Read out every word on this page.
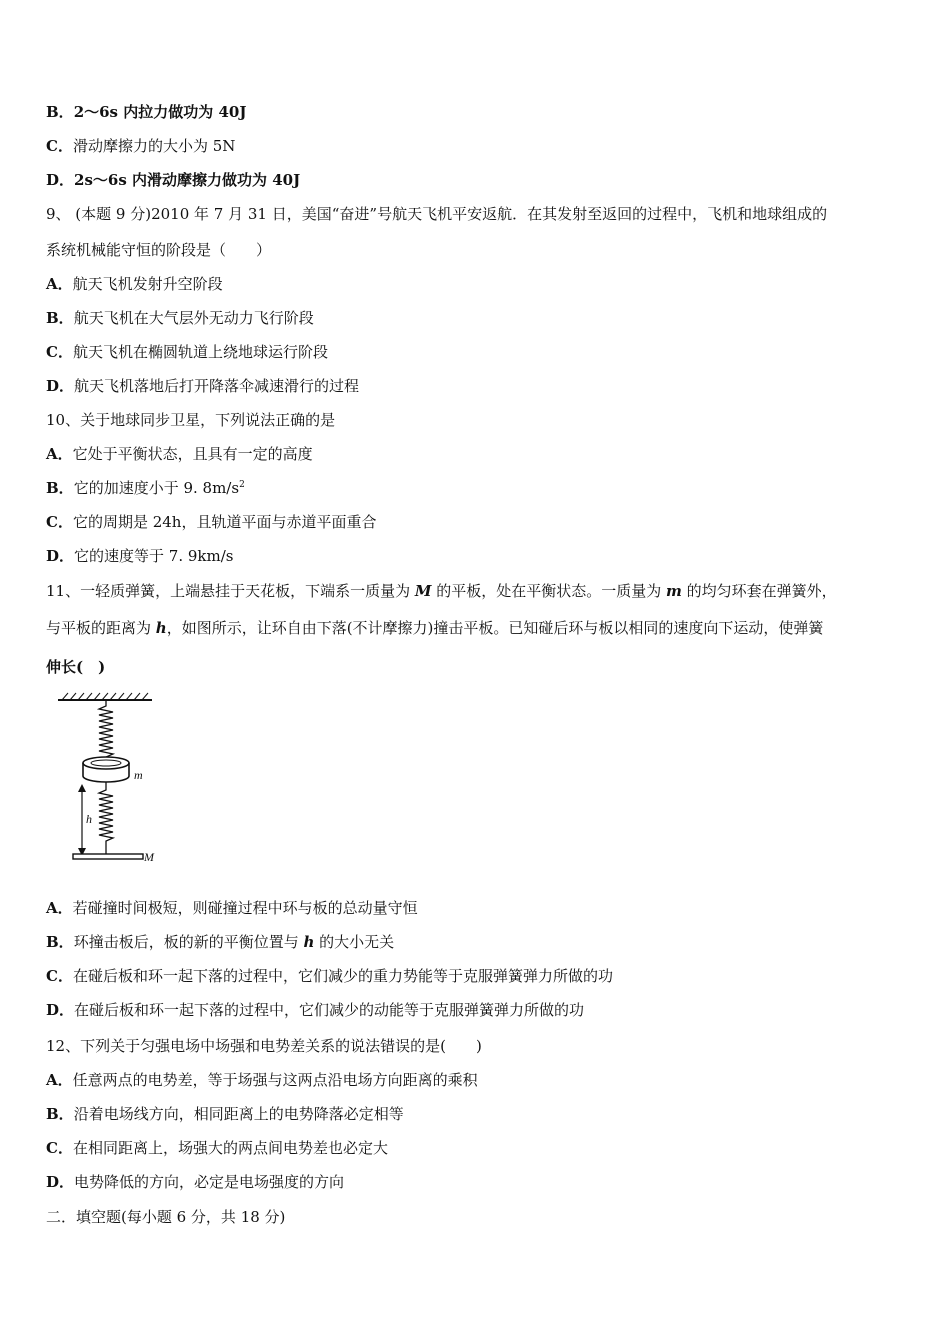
B．2～6s 内拉力做功为 40J
C．滑动摩擦力的大小为 5N
D．2s～6s 内滑动摩擦力做功为 40J
9、 (本题 9 分)2010 年 7 月 31 日，美国“奋进”号航天飞机平安返航．在其发射至返回的过程中，飞机和地球组成的
系统机械能守恒的阶段是（　　）
A．航天飞机发射升空阶段
B．航天飞机在大气层外无动力飞行阶段
C．航天飞机在椭圆轨道上绕地球运行阶段
D．航天飞机落地后打开降落伞减速滑行的过程
10、关于地球同步卫星，下列说法正确的是
A．它处于平衡状态，且具有一定的高度
B．它的加速度小于 9. $8m/s^2$
C．它的周期是 24h，且轨道平面与赤道平面重合
D．它的速度等于 7. 9km/s
11、一轻质弹簧，上端悬挂于天花板，下端系一质量为 M 的平板，处在平衡状态。一质量为 m 的均匀环套在弹簧外，
与平板的距离为 h，如图所示，让环自由下落(不计摩擦力)撞击平板。已知碰后环与板以相同的速度向下运动，使弹簧
伸长(　)
m
h
M
A．若碰撞时间极短，则碰撞过程中环与板的总动量守恒
B．环撞击板后，板的新的平衡位置与 h 的大小无关
C．在碰后板和环一起下落的过程中，它们减少的重力势能等于克服弹簧弹力所做的功
D．在碰后板和环一起下落的过程中，它们减少的动能等于克服弹簧弹力所做的功
12、下列关于匀强电场中场强和电势差关系的说法错误的是(　　)
A．任意两点的电势差，等于场强与这两点沿电场方向距离的乘积
B．沿着电场线方向，相同距离上的电势降落必定相等
C．在相同距离上，场强大的两点间电势差也必定大
D．电势降低的方向，必定是电场强度的方向
二．填空题(每小题 6 分，共 18 分)
